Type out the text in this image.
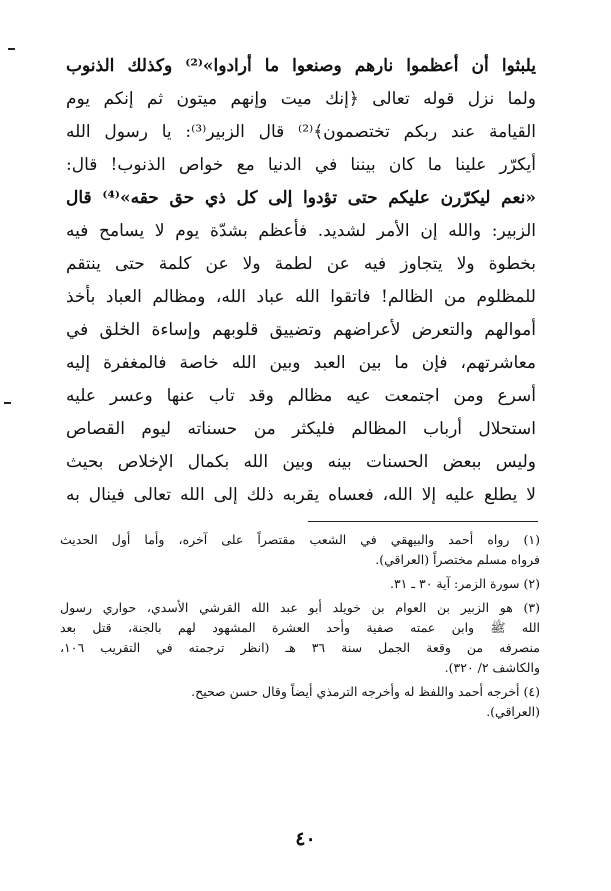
يلبثوا أن أعظموا نارهم وصنعوا ما أرادوا»⁽²⁾ وكذلك الذنوب
ولما نزل قوله تعالى ﴿إنك ميت وإنهم ميتون ثم إنكم يوم
القيامة عند ربكم تختصمون﴾⁽²⁾ قال الزبير⁽³⁾: يا رسول الله
أيكرّر علينا ما كان بيننا في الدنيا مع خواص الذنوب! قال:
«نعم ليكرّرن عليكم حتى تؤدوا إلى كل ذي حق حقه»⁽⁴⁾ قال
الزبير: والله إن الأمر لشديد. فأعظم بشدّة يوم لا يسامح فيه
بخطوة ولا يتجاوز فيه عن لطمة ولا عن كلمة حتى ينتقم
للمظلوم من الظالم! فاتقوا الله عباد الله، ومظالم العباد بأخذ
أموالهم والتعرض لأعراضهم وتضييق قلوبهم وإساءة الخلق في
معاشرتهم، فإن ما بين العبد وبين الله خاصة فالمغفرة إليه
أسرع ومن اجتمعت عيه مظالم وقد تاب عنها وعسر عليه
استحلال أرباب المظالم فليكثر من حسناته ليوم القصاص
وليس ببعض الحسنات بينه وبين الله بكمال الإخلاص بحيث
لا يطلع عليه إلا الله، فعساه يقربه ذلك إلى الله تعالى فينال به
(١) رواه أحمد والبيهقي في الشعب مقتصراً على آخره، وأما أول الحديث
فرواه مسلم مختصراً (العراقي).
(٢) سورة الزمر: آية ٣٠ ـ ٣١.
(٣) هو الزبير بن العوام بن خويلد أبو عبد الله القرشي الأسدي، حواري رسول
الله ﷺ وابن عمته صفية وأحد العشرة المشهود لهم بالجنة، قتل بعد
منصرفه من وقعة الجمل سنة ٣٦ هـ (انظر ترجمته في التقريب ١٠٦،
والكاشف ٢/ ٣٢٠).
(٤) أخرجه أحمد واللفظ له وأخرجه الترمذي أيضاً وقال حسن صحيح.
(العراقي).
٤٠
